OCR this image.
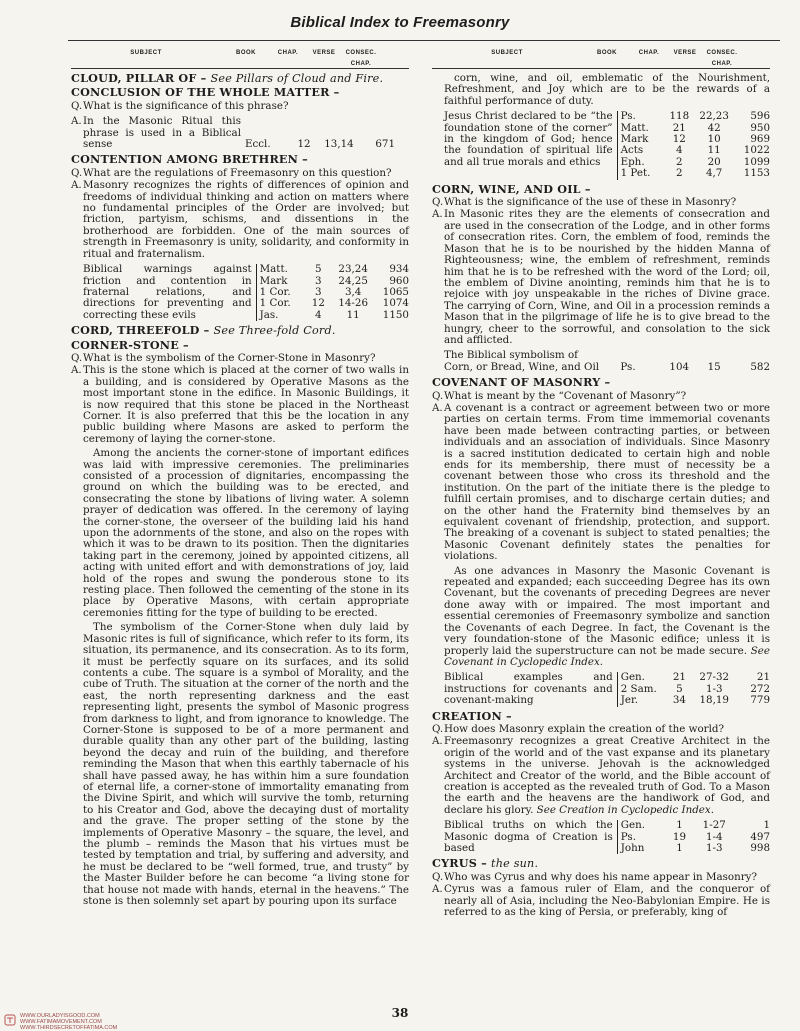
Biblical Index to Freemasonry
SUBJECT	BOOK	CHAP.	VERSE	CONSEC. CHAP.
CLOUD, PILLAR OF – See Pillars of Cloud and Fire.
CONCLUSION OF THE WHOLE MATTER –
Q. What is the significance of this phrase?
A.	In the Masonic Ritual this phrase is used in a Biblical sense	Eccl.	12	13,14	671
CONTENTION AMONG BRETHREN –
Q. What are the regulations of Freemasonry on this question?
A. Masonry recognizes the rights of differences of opinion and freedoms of individual thinking and action on matters where no fundamental principles of the Order are involved; but friction, partyism, schisms, and dissentions in the brotherhood are forbidden. One of the main sources of strength in Freemasonry is unity, solidarity, and conformity in ritual and fraternalism.
Biblical warnings against friction and contention in fraternal relations, and directions for preventing and correcting these evils	Matt.	5	23,24	934
	Mark	3	24,25	960
	1 Cor.	3	3,4	1065
	1 Cor.	12	14-26	1074
	Jas.	4	11	1150
CORD, THREEFOLD – See Three-fold Cord.
CORNER-STONE –
Q. What is the symbolism of the Corner-Stone in Masonry?
A. This is the stone which is placed at the corner of two walls in a building, and is considered by Operative Masons as the most important stone in the edifice. In Masonic Buildings, it is now required that this stone be placed in the Northeast Corner. It is also preferred that this be the location in any public building where Masons are asked to perform the ceremony of laying the corner-stone.

Among the ancients the corner-stone of important edifices was laid with impressive ceremonies. The preliminaries consisted of a procession of dignitaries, encompassing the ground on which the building was to be erected, and consecrating the stone by libations of living water. A solemn prayer of dedication was offered. In the ceremony of laying the corner-stone, the overseer of the building laid his hand upon the adornments of the stone, and also on the ropes with which it was to be drawn to its position. Then the dignitaries taking part in the ceremony, joined by appointed citizens, all acting with united effort and with demonstrations of joy, laid hold of the ropes and swung the ponderous stone to its resting place. Then followed the cementing of the stone in its place by Operative Masons, with certain appropriate ceremonies fitting for the type of building to be erected.

The symbolism of the Corner-Stone when duly laid by Masonic rites is full of significance, which refer to its form, its situation, its permanence, and its consecration. As to its form, it must be perfectly square on its surfaces, and its solid contents a cube. The square is a symbol of Morality, and the cube of Truth. The situation at the corner of the north and the east, the north representing darkness and the east representing light, presents the symbol of Masonic progress from darkness to light, and from ignorance to knowledge. The Corner-Stone is supposed to be of a more permanent and durable quality than any other part of the building, lasting beyond the decay and ruin of the building, and therefore reminding the Mason that when this earthly tabernacle of his shall have passed away, he has within him a sure foundation of eternal life, a corner-stone of immortality emanating from the Divine Spirit, and which will survive the tomb, returning to his Creator and God, above the decaying dust of mortality and the grave. The proper setting of the stone by the implements of Operative Masonry – the square, the level, and the plumb – reminds the Mason that his virtues must be tested by temptation and trial, by suffering and adversity, and he must be declared to be “well formed, true, and trusty” by the Master Builder before he can become “a living stone for that house not made with hands, eternal in the heavens.” The stone is then solemnly set apart by pouring upon its surface

SUBJECT	BOOK	CHAP.	VERSE	CONSEC. CHAP.

corn, wine, and oil, emblematic of the Nourishment, Refreshment, and Joy which are to be the rewards of a faithful performance of duty.

Jesus Christ declared to be “the foundation stone of the corner” in the kingdom of God; hence the foundation of spiritual life and all true morals and ethics	Ps.	118	22,23	596
	Matt.	21	42	950
	Mark	12	10	969
	Acts	4	11	1022
	Eph.	2	20	1099
	1 Pet.	2	4,7	1153
CORN, WINE, AND OIL –
Q. What is the significance of the use of these in Masonry?
A. In Masonic rites they are the elements of consecration and are used in the consecration of the Lodge, and in other forms of consecration rites. Corn, the emblem of food, reminds the Mason that he is to be nourished by the hidden Manna of Righteousness; wine, the emblem of refreshment, reminds him that he is to be refreshed with the word of the Lord; oil, the emblem of Divine anointing, reminds him that he is to rejoice with joy unspeakable in the riches of Divine grace. The carrying of Corn, Wine, and Oil in a procession reminds a Mason that in the pilgrimage of life he is to give bread to the hungry, cheer to the sorrowful, and consolation to the sick and afflicted.
The Biblical symbolism of
Corn, or Bread, Wine, and Oil	Ps.	104	15	582
COVENANT OF MASONRY –
Q. What is meant by the “Covenant of Masonry”?
A. A covenant is a contract or agreement between two or more parties on certain terms. From time immemorial covenants have been made between contracting parties, or between individuals and an association of individuals. Since Masonry is a sacred institution dedicated to certain high and noble ends for its membership, there must of necessity be a covenant between those who cross its threshold and the institution. On the part of the initiate there is the pledge to fulfill certain promises, and to discharge certain duties; and on the other hand the Fraternity bind themselves by an equivalent covenant of friendship, protection, and support. The breaking of a covenant is subject to stated penalties; the Masonic Covenant definitely states the penalties for violations.

As one advances in Masonry the Masonic Covenant is repeated and expanded; each succeeding Degree has its own Covenant, but the covenants of preceding Degrees are never done away with or impaired. The most important and essential ceremonies of Freemasonry symbolize and sanction the Covenants of each Degree. In fact, the Covenant is the very foundation-stone of the Masonic edifice; unless it is properly laid the superstructure can not be made secure. See Covenant in Cyclopedic Index.

Biblical examples and instructions for covenants and covenant-making	Gen.	21	27-32	21
	2 Sam.	5	1-3	272
	Jer.	34	18,19	779
CREATION –
Q. How does Masonry explain the creation of the world?
A. Freemasonry recognizes a great Creative Architect in the origin of the world and of the vast expanse and its planetary systems in the universe. Jehovah is the acknowledged Architect and Creator of the world, and the Bible account of creation is accepted as the revealed truth of God. To a Mason the earth and the heavens are the handiwork of God, and declare his glory. See Creation in Cyclopedic Index.
Biblical truths on which the Masonic dogma of Creation is based	Gen.	1	1-27	1
	Ps.	19	1-4	497
	John	1	1-3	998
CYRUS – the sun.
Q. Who was Cyrus and why does his name appear in Masonry?
A. Cyrus was a famous ruler of Elam, and the conqueror of nearly all of Asia, including the Neo-Babylonian Empire. He is referred to as the king of Persia, or preferably, king of
38
WWW.OURLADYISGOOD.COM
WWW.FATIMAMOVEMENT.COM
WWW.THIRDSECRETOFFATIMA.COM
